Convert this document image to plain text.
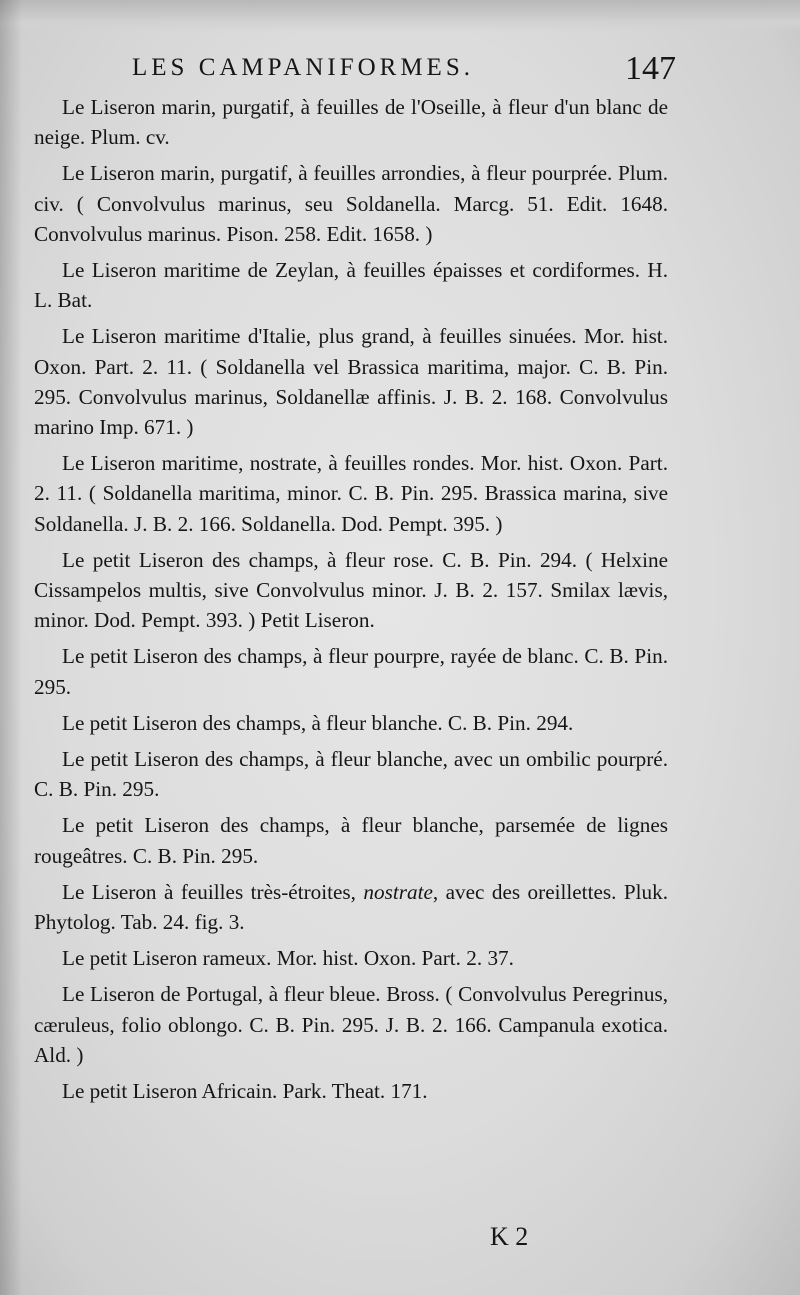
LES CAMPANIFORMES.	147

Le Liseron marin, purgatif, à feuilles de l'Oseille, à fleur d'un blanc de neige. Plum. cv.

Le Liseron marin, purgatif, à feuilles arrondies, à fleur pourprée. Plum. civ. ( Convolvulus marinus, seu Soldanella. Marcg. 51. Edit. 1648. Convolvulus marinus. Pison. 258. Edit. 1658. )

Le Liseron maritime de Zeylan, à feuilles épaisses et cordiformes. H. L. Bat.

Le Liseron maritime d'Italie, plus grand, à feuilles sinuées. Mor. hist. Oxon. Part. 2. 11. ( Soldanella vel Brassica maritima, major. C. B. Pin. 295. Convolvulus marinus, Soldanellæ affinis. J. B. 2. 168. Convolvulus marino Imp. 671. )

Le Liseron maritime, nostrate, à feuilles rondes. Mor. hist. Oxon. Part. 2. 11. ( Soldanella maritima, minor. C. B. Pin. 295. Brassica marina, sive Soldanella. J. B. 2. 166. Soldanella. Dod. Pempt. 395. )

Le petit Liseron des champs, à fleur rose. C. B. Pin. 294. ( Helxine Cissampelos multis, sive Convolvulus minor. J. B. 2. 157. Smilax lævis, minor. Dod. Pempt. 393. ) Petit Liseron.

Le petit Liseron des champs, à fleur pourpre, rayée de blanc. C. B. Pin. 295.

Le petit Liseron des champs, à fleur blanche. C. B. Pin. 294.

Le petit Liseron des champs, à fleur blanche, avec un ombilic pourpré. C. B. Pin. 295.

Le petit Liseron des champs, à fleur blanche, parsemée de lignes rougeâtres. C. B. Pin. 295.

Le Liseron à feuilles très-étroites, nostrate, avec des oreillettes. Pluk. Phytolog. Tab. 24. fig. 3.

Le petit Liseron rameux. Mor. hist. Oxon. Part. 2. 37.

Le Liseron de Portugal, à fleur bleue. Bross. ( Convolvulus Peregrinus, cæruleus, folio oblongo. C. B. Pin. 295. J. B. 2. 166. Campanula exotica. Ald. )

Le petit Liseron Africain. Park. Theat. 171.

K 2
